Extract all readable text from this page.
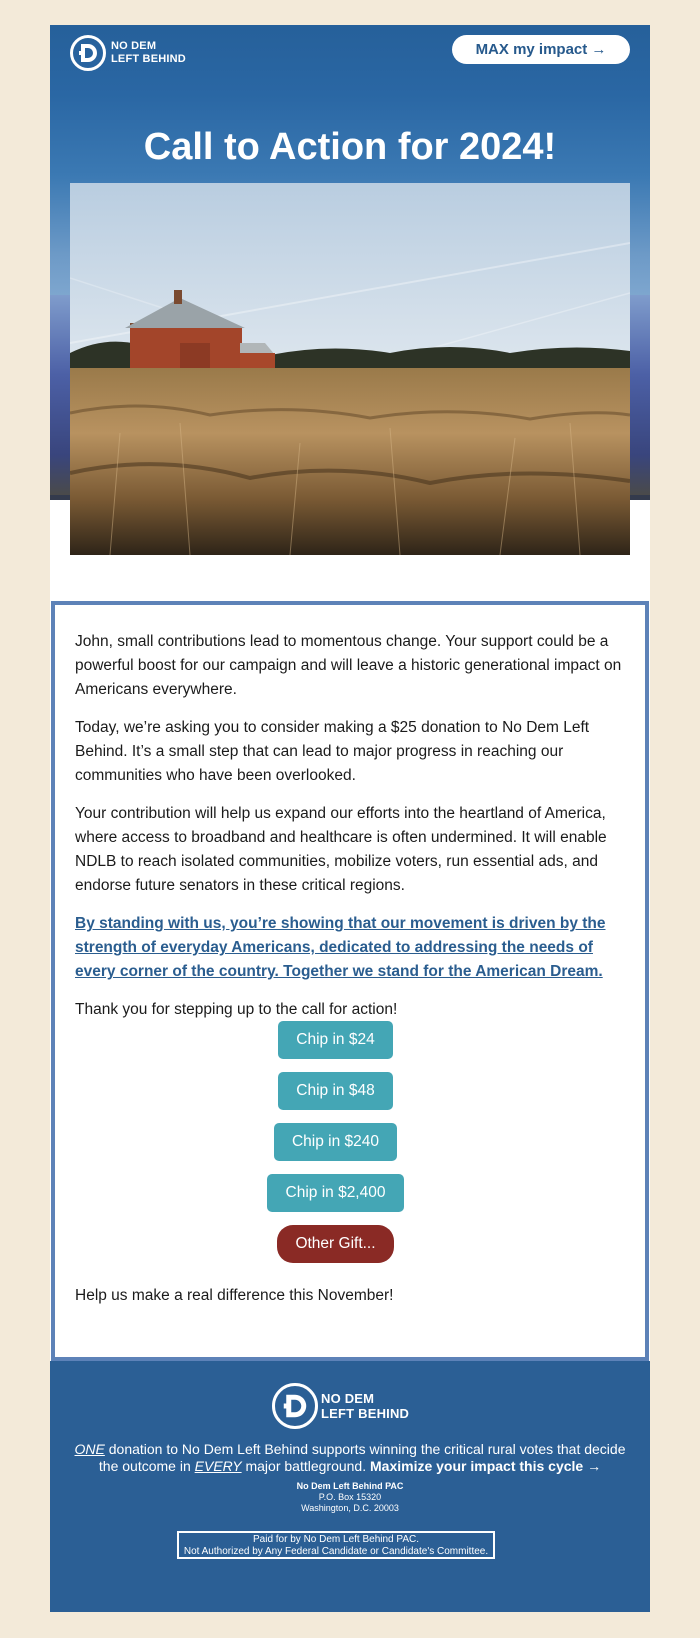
NO DEM
LEFT BEHIND
MAX my impact →
Call to Action for 2024!

John, small contributions lead to momentous change. Your support could be a powerful boost for our campaign and will leave a historic generational impact on Americans everywhere.

Today, we’re asking you to consider making a $25 donation to No Dem Left Behind. It’s a small step that can lead to major progress in reaching our communities who have been overlooked.

Your contribution will help us expand our efforts into the heartland of America, where access to broadband and healthcare is often undermined. It will enable NDLB to reach isolated communities, mobilize voters, run essential ads, and endorse future senators in these critical regions.

By standing with us, you’re showing that our movement is driven by the strength of everyday Americans, dedicated to addressing the needs of every corner of the country. Together we stand for the American Dream.

Thank you for stepping up to the call for action!

Chip in $24
Chip in $48
Chip in $240
Chip in $2,400
Other Gift...
Help us make a real difference this November!
NO DEM
LEFT BEHIND
ONE donation to No Dem Left Behind supports winning the critical rural votes that decide the outcome in EVERY major battleground. Maximize your impact this cycle →
No Dem Left Behind PAC
P.O. Box 15320
Washington, D.C. 20003
Paid for by No Dem Left Behind PAC.
Not Authorized by Any Federal Candidate or Candidate's Committee.
